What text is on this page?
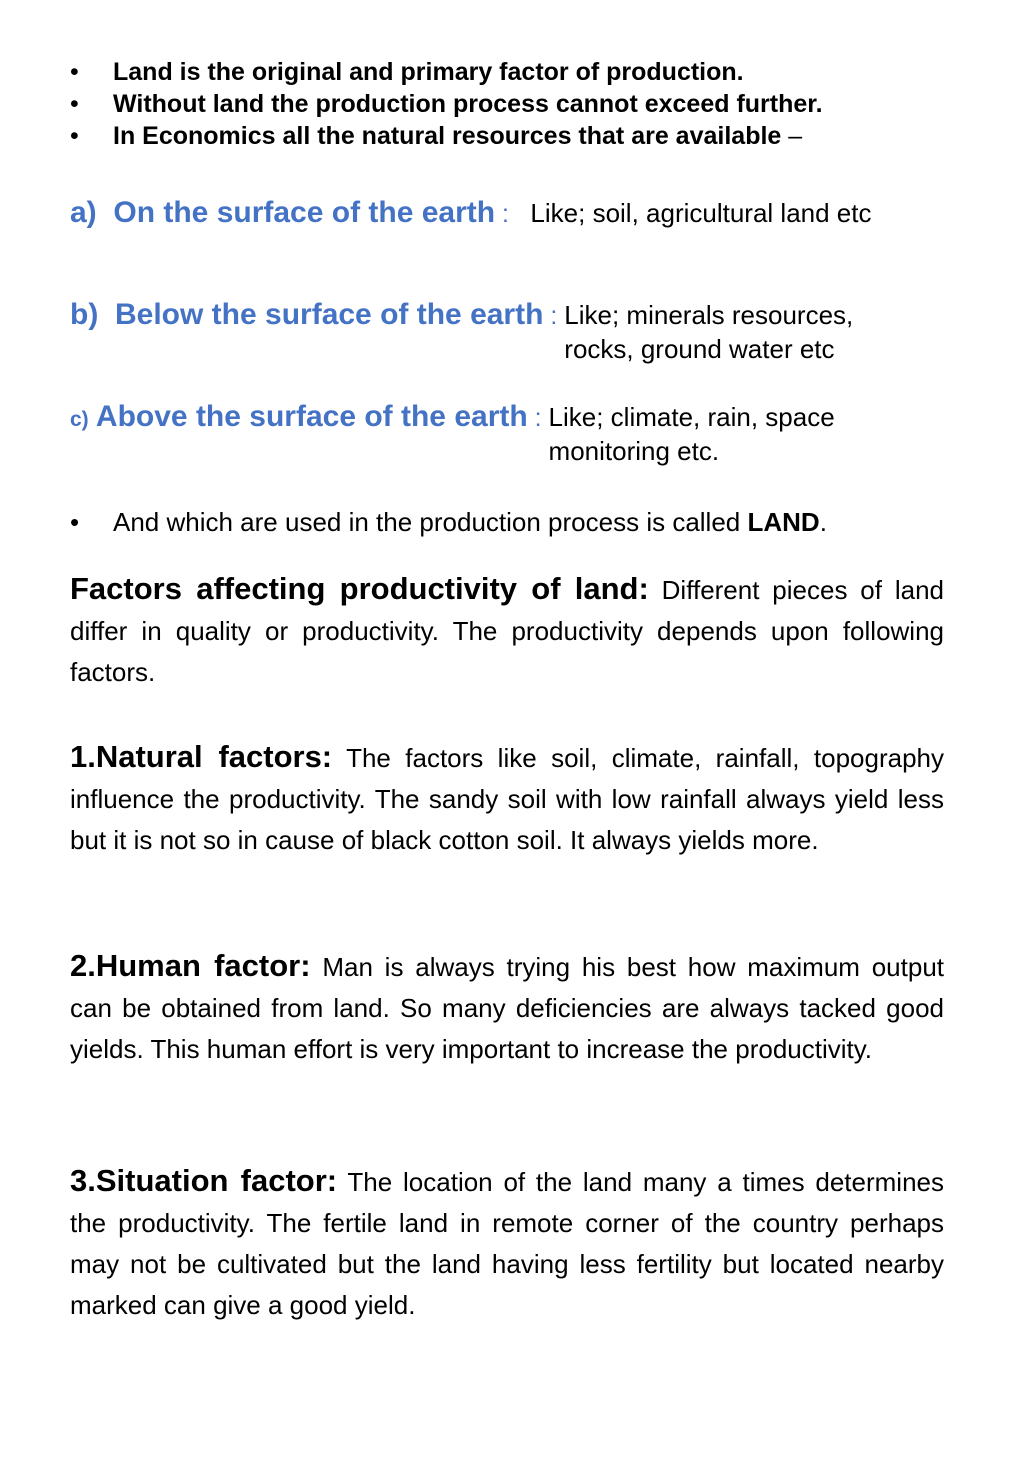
• Land is the original and primary factor of production.
• Without land the production process cannot exceed further.
• In Economics all the natural resources that are available –
a) On the surface of the earth : Like; soil, agricultural land etc
b) Below the surface of the earth : Like; minerals resources, rocks, ground water etc
c) Above the surface of the earth : Like; climate, rain, space monitoring etc.
• And which are used in the production process is called LAND.

Factors affecting productivity of land: Different pieces of land differ in quality or productivity. The productivity depends upon following factors.

1.Natural factors: The factors like soil, climate, rainfall, topography influence the productivity. The sandy soil with low rainfall always yield less but it is not so in cause of black cotton soil. It always yields more.

2.Human factor: Man is always trying his best how maximum output can be obtained from land. So many deficiencies are always tacked good yields. This human effort is very important to increase the productivity.

3.Situation factor: The location of the land many a times determines the productivity. The fertile land in remote corner of the country perhaps may not be cultivated but the land having less fertility but located nearby marked can give a good yield.
